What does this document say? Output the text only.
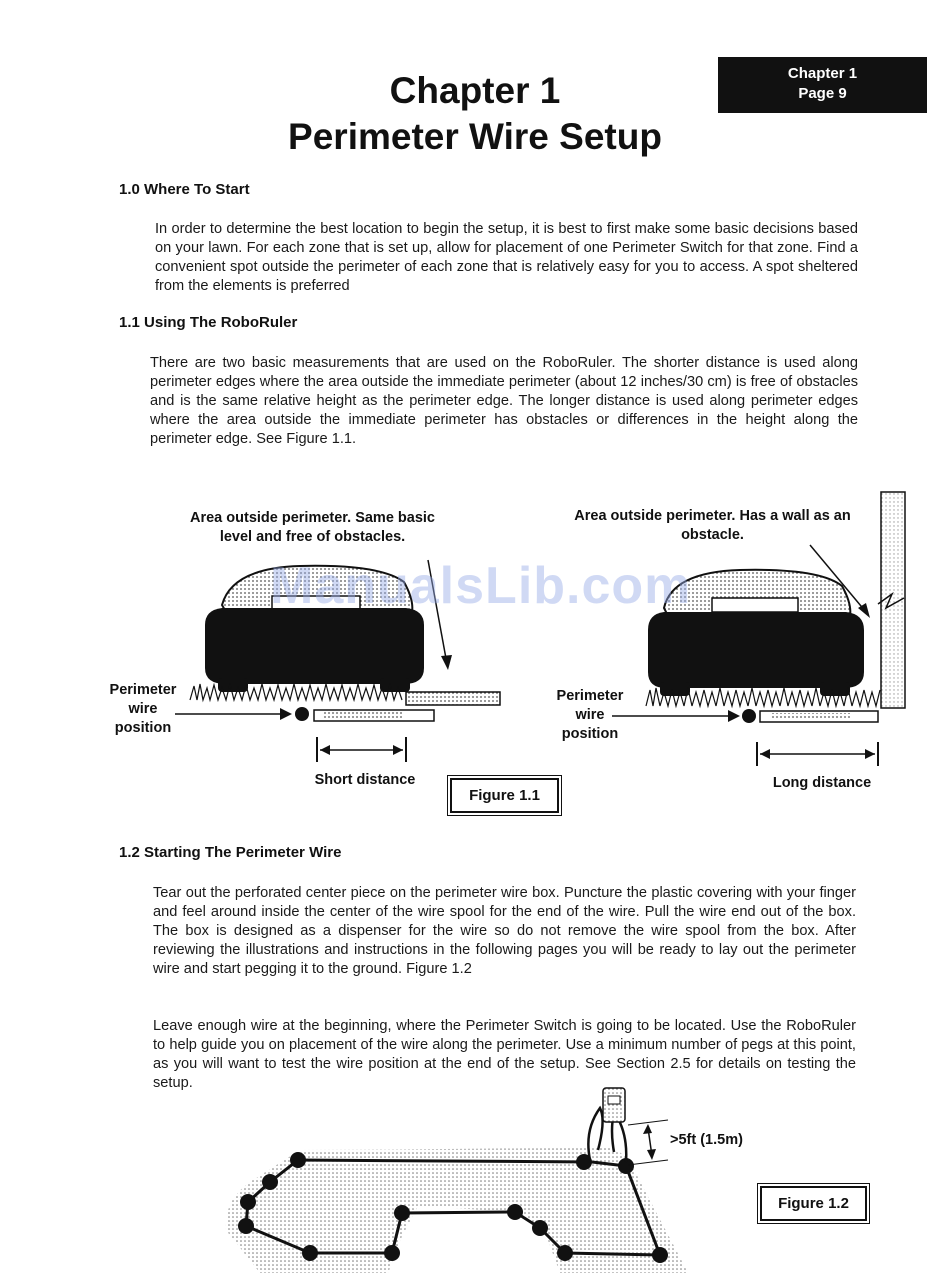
Chapter 1
Page 9
Chapter 1
Perimeter Wire Setup
1.0 Where To Start
In order to determine the best location to begin the setup, it is best to first make some basic decisions based on your lawn. For each zone that is set up, allow for placement of one Perimeter Switch for that zone. Find a convenient spot outside the perimeter of each zone that is relatively easy for you to access. A spot sheltered from the elements is preferred
1.1 Using The RoboRuler
There are two basic measurements that are used on the RoboRuler. The shorter distance is used along perimeter edges where the area outside the immediate perimeter (about 12 inches/30 cm) is free of obstacles and is the same relative height as the perimeter edge. The longer distance is used along perimeter edges where the area outside the immediate perimeter has obstacles or differences in the height along the perimeter edge. See Figure 1.1.
Area outside perimeter. Same basic level and free of obstacles.
Area outside perimeter. Has a wall as an obstacle.
Perimeter wire position
Perimeter wire position
Short distance	Long distance
Figure 1.1
ManualsLib.com
1.2 Starting The Perimeter Wire
Tear out the perforated center piece on the perimeter wire box. Puncture the plastic covering with your finger and feel around inside the center of the wire spool for the end of the wire. Pull the wire end out of the box. The box is designed as a dispenser for the wire so do not remove the wire spool from the box. After reviewing the illustrations and instructions in the following pages you will be ready to lay out the perimeter wire and start pegging it to the ground. Figure 1.2
Leave enough wire at the beginning, where the Perimeter Switch is going to be located. Use the RoboRuler to help guide you on placement of the wire along the perimeter. Use a minimum number of pegs at this point, as you will want to test the wire position at the end of the setup. See Section 2.5 for details on testing the setup.
>5ft (1.5m)
Figure 1.2
